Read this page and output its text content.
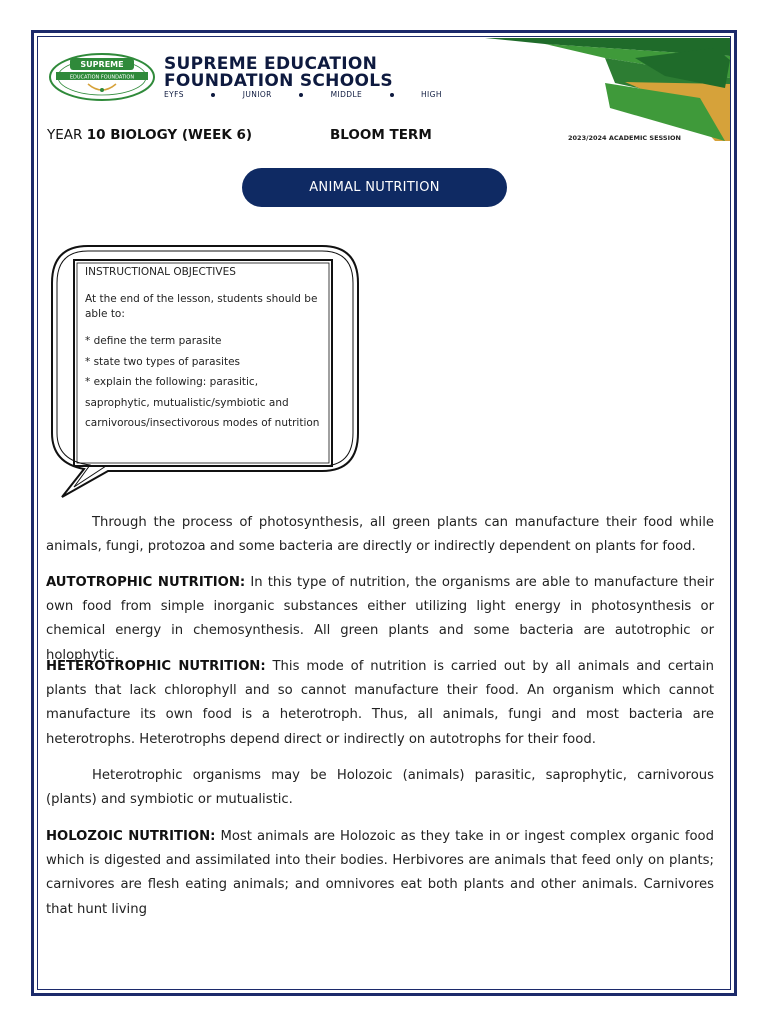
SUPREME
EDUCATION FOUNDATION
SUPREME EDUCATION
FOUNDATION SCHOOLS
EYFS	JUNIOR	MIDDLE	HIGH
YEAR 10 BIOLOGY (WEEK 6)	BLOOM TERM	2023/2024 ACADEMIC SESSION
ANIMAL NUTRITION
INSTRUCTIONAL OBJECTIVES
At the end of the lesson, students should be able to:
* define the term parasite
* state two types of parasites
* explain the following: parasitic,
saprophytic, mutualistic/symbiotic and
carnivorous/insectivorous modes of nutrition
Through the process of photosynthesis, all green plants can manufacture their food while animals, fungi, protozoa and some bacteria are directly or indirectly dependent on plants for food.
AUTOTROPHIC NUTRITION: In this type of nutrition, the organisms are able to manufacture their own food from simple inorganic substances either utilizing light energy in photosynthesis or chemical energy in chemosynthesis. All green plants and some bacteria are autotrophic or holophytic.
HETEROTROPHIC NUTRITION: This mode of nutrition is carried out by all animals and certain plants that lack chlorophyll and so cannot manufacture their food. An organism which cannot manufacture its own food is a heterotroph. Thus, all animals, fungi and most bacteria are heterotrophs. Heterotrophs depend direct or indirectly on autotrophs for their food.
Heterotrophic organisms may be Holozoic (animals) parasitic, saprophytic, carnivorous (plants) and symbiotic or mutualistic.
HOLOZOIC NUTRITION: Most animals are Holozoic as they take in or ingest complex organic food which is digested and assimilated into their bodies. Herbivores are animals that feed only on plants; carnivores are flesh eating animals; and omnivores eat both plants and other animals. Carnivores that hunt living
